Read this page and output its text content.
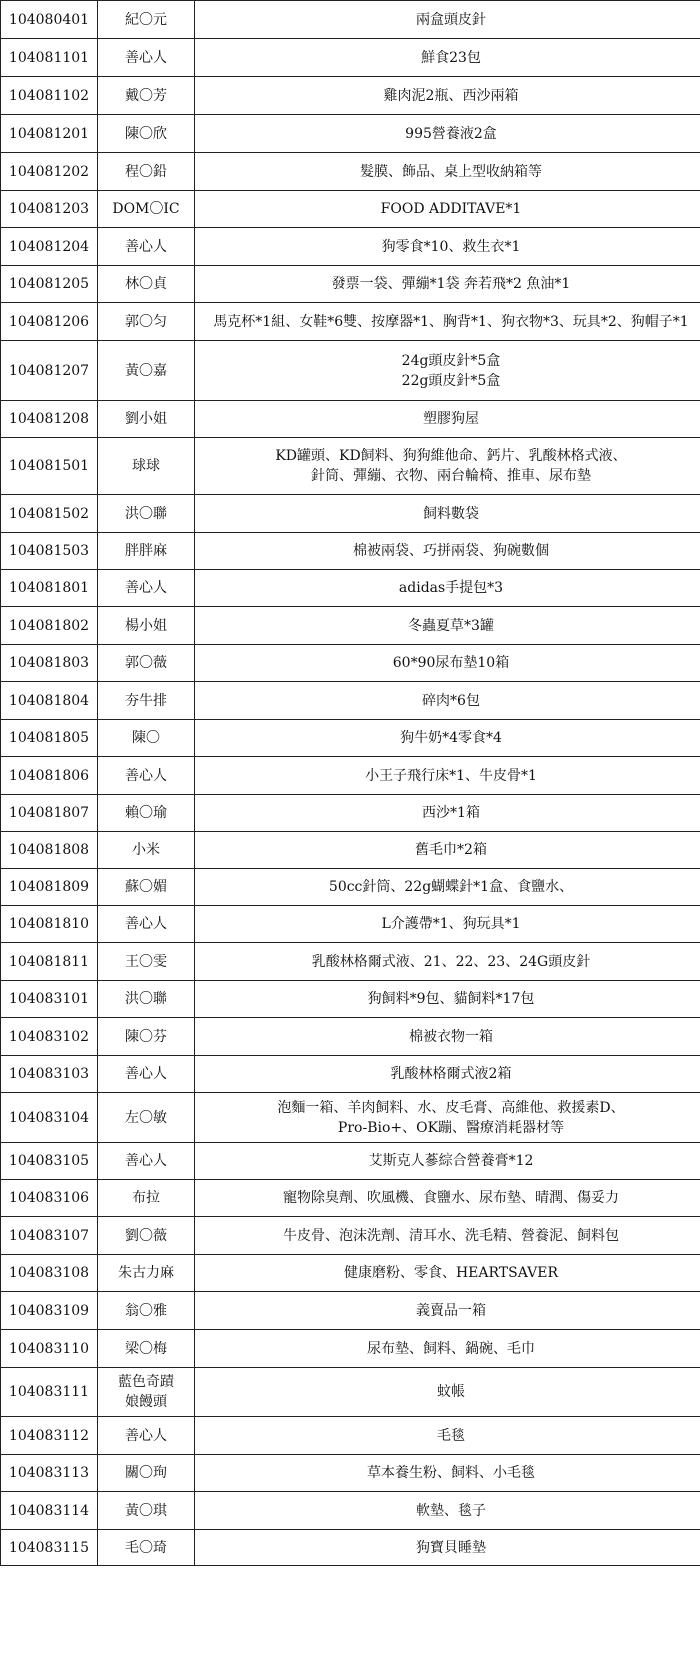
104080401	紀〇元	兩盒頭皮針

104081101	善心人	鮮食23包

104081102	戴〇芳	雞肉泥2瓶、西沙兩箱

104081201	陳〇欣	995營養液2盒

104081202	程〇鉛	髮膜、飾品、桌上型收納箱等

104081203	DOM〇IC	FOOD ADDITAVE*1

104081204	善心人	狗零食*10、救生衣*1

104081205	林〇貞	發票一袋、彈繃*1袋 奔若飛*2 魚油*1

104081206	郭〇匀	馬克杯*1組、女鞋*6雙、按摩器*1、胸背*1、狗衣物*3、玩具*2、狗帽子*1

104081207	黃〇嘉	24g頭皮針*5盒
22g頭皮針*5盒

104081208	劉小姐	塑膠狗屋

104081501	球球	KD罐頭、KD飼料、狗狗維他命、鈣片、乳酸林格式液、
針筒、彈繃、衣物、兩台輪椅、推車、尿布墊

104081502	洪〇聯	飼料數袋

104081503	胖胖麻	棉被兩袋、巧拼兩袋、狗碗數個

104081801	善心人	adidas手提包*3

104081802	楊小姐	冬蟲夏草*3罐

104081803	郭〇薇	60*90尿布墊10箱

104081804	夯牛排	碎肉*6包

104081805	陳〇	狗牛奶*4零食*4

104081806	善心人	小王子飛行床*1、牛皮骨*1

104081807	賴〇瑜	西沙*1箱

104081808	小米	舊毛巾*2箱

104081809	蘇〇媚	50cc針筒、22g蝴蝶針*1盒、食鹽水、

104081810	善心人	L介護帶*1、狗玩具*1

104081811	王〇雯	乳酸林格爾式液、21、22、23、24G頭皮針

104083101	洪〇聯	狗飼料*9包、貓飼料*17包

104083102	陳〇芬	棉被衣物一箱

104083103	善心人	乳酸林格爾式液2箱

104083104	左〇敏	泡麵一箱、羊肉飼料、水、皮毛膏、高維他、救援素D、
Pro-Bio+、OK蹦、醫療消耗器材等

104083105	善心人	艾斯克人蔘綜合營養膏*12

104083106	布拉	寵物除臭劑、吹風機、食鹽水、尿布墊、晴潤、傷妥力

104083107	劉〇薇	牛皮骨、泡沫洗劑、清耳水、洗毛精、營養泥、飼料包

104083108	朱古力麻	健康磨粉、零食、HEARTSAVER

104083109	翁〇雅	義賣品一箱

104083110	梁〇梅	尿布墊、飼料、鍋碗、毛巾

104083111	藍色奇蹟
娘饅頭	蚊帳

104083112	善心人	毛毯

104083113	關〇珣	草本養生粉、飼料、小毛毯

104083114	黃〇琪	軟墊、毯子

104083115	毛〇琦	狗寶貝睡墊
